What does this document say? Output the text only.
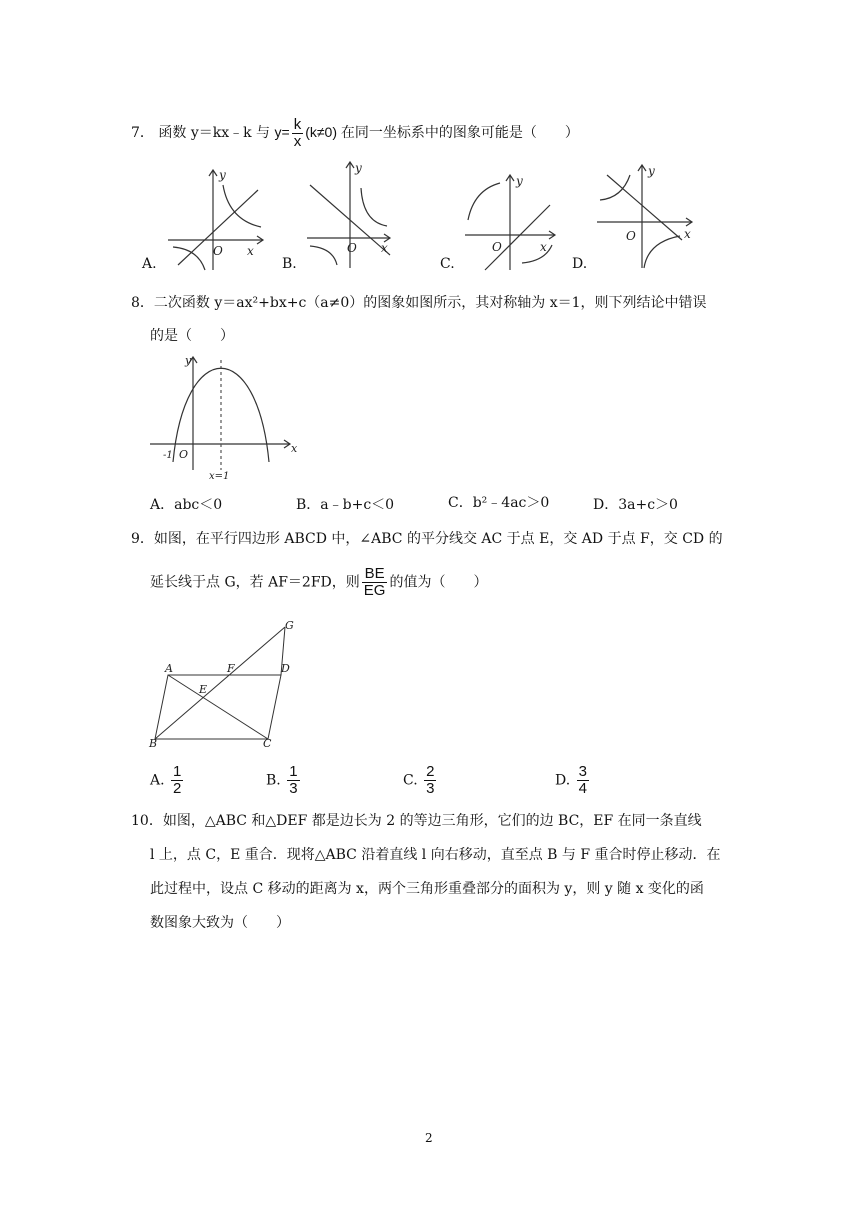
7． 函数 y＝kx﹣k 与 $y= \frac{k}{x} (k\ne 0)$ 在同一坐标系中的图象可能是（　　）
y
x
O
A.
y
x
O
B.
y
x
O
C.
y
x
O
D.
8．二次函数 y＝ax²+bx+c（a≠0）的图象如图所示，其对称轴为 x＝1，则下列结论中错误
的是（　　）
y
x
O
-1
x=1
A．abc＜0	B．a﹣b+c＜0	C．b²﹣4ac＞0	D．3a+c＞0
9．如图，在平行四边形 ABCD 中，∠ABC 的平分线交 AC 于点 E，交 AD 于点 F，交 CD 的
延长线于点 G，若 AF＝2FD，则 $\frac{BE}{EG}$ 的值为（　　）
A	F	D
G
E
B	C
A. $\frac{1}{2}$	B. $\frac{1}{3}$	C. $\frac{2}{3}$	D. $\frac{3}{4}$
10．如图，△ABC 和△DEF 都是边长为 2 的等边三角形，它们的边 BC，EF 在同一条直线
l 上，点 C，E 重合．现将△ABC 沿着直线 l 向右移动，直至点 B 与 F 重合时停止移动．在
此过程中，设点 C 移动的距离为 x，两个三角形重叠部分的面积为 y，则 y 随 x 变化的函
数图象大致为（　　）
2
